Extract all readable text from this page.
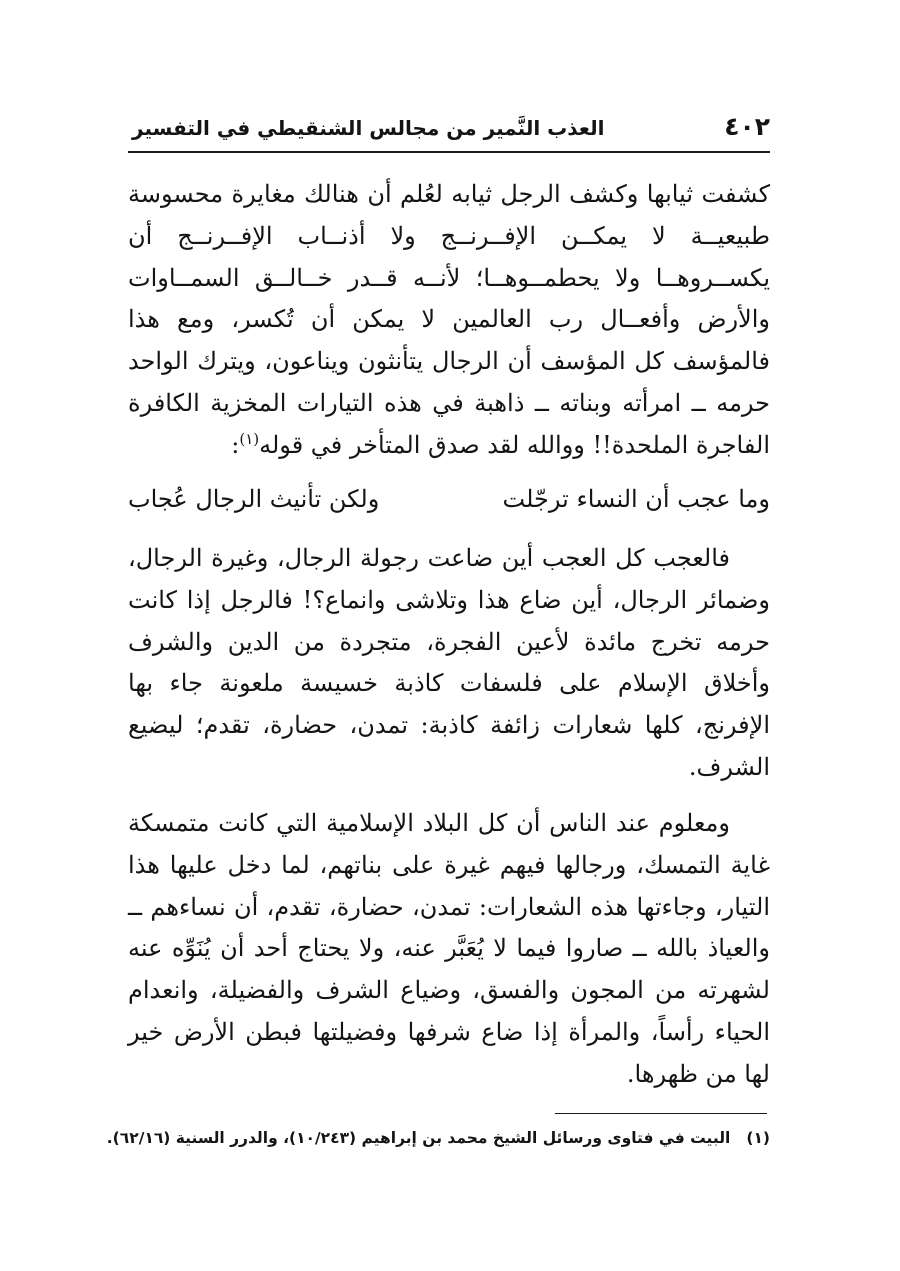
٤٠٢
العذب النَّمير من مجالس الشنقيطي في التفسير

كشفت ثيابها وكشف الرجل ثيابه لعُلم أن هنالك مغايرة محسوسة طبيعيــة لا يمكــن الإفــرنــج ولا أذنــاب الإفــرنــج أن يكســروهــا ولا يحطمــوهــا؛ لأنــه قــدر خــالــق السمــاوات والأرض وأفعــال رب العالمين لا يمكن أن تُكسر، ومع هذا فالمؤسف كل المؤسف أن الرجال يتأنثون ويناعون، ويترك الواحد حرمه ــ امرأته وبناته ــ ذاهبة في هذه التيارات المخزية الكافرة الفاجرة الملحدة!! ووالله لقد صدق المتأخر في قوله$^{(١)}$:

وما عجب أن النساء ترجّلت
ولكن تأنيث الرجال عُجاب

فالعجب كل العجب أين ضاعت رجولة الرجال، وغيرة الرجال، وضمائر الرجال، أين ضاع هذا وتلاشى وانماع؟! فالرجل إذا كانت حرمه تخرج مائدة لأعين الفجرة، متجردة من الدين والشرف وأخلاق الإسلام على فلسفات كاذبة خسيسة ملعونة جاء بها الإفرنج، كلها شعارات زائفة كاذبة: تمدن، حضارة، تقدم؛ ليضيع الشرف.

ومعلوم عند الناس أن كل البلاد الإسلامية التي كانت متمسكة غاية التمسك، ورجالها فيهم غيرة على بناتهم، لما دخل عليها هذا التيار، وجاءتها هذه الشعارات: تمدن، حضارة، تقدم، أن نساءهم ــ والعياذ بالله ــ صاروا فيما لا يُعَبَّر عنه، ولا يحتاج أحد أن يُنَوِّه عنه لشهرته من المجون والفسق، وضياع الشرف والفضيلة، وانعدام الحياء رأساً، والمرأة إذا ضاع شرفها وفضيلتها فبطن الأرض خير لها من ظهرها.

(١)البيت في فتاوى ورسائل الشيخ محمد بن إبراهيم (١٠/٢٤٣)، والدرر السنية (٦٢/١٦).
